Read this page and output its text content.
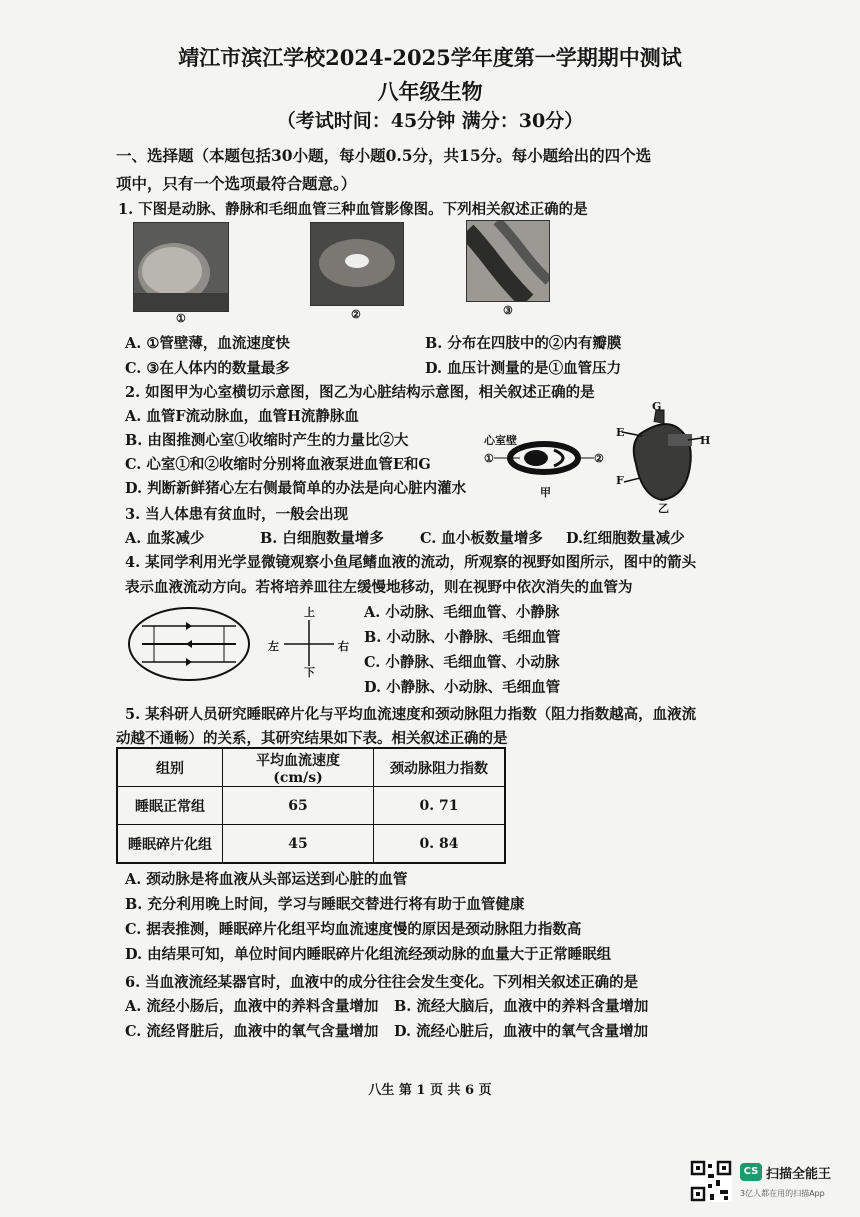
靖江市滨江学校2024-2025学年度第一学期期中测试
八年级生物
（考试时间：45分钟 满分：30分）
一、选择题（本题包括30小题，每小题0.5分，共15分。每小题给出的四个选
项中，只有一个选项最符合题意。）
1. 下图是动脉、静脉和毛细血管三种血管影像图。下列相关叙述正确的是
①	②	③
A. ①管壁薄，血流速度快	B. 分布在四肢中的②内有瓣膜
C. ③在人体内的数量最多	D. 血压计测量的是①血管压力
2. 如图甲为心室横切示意图，图乙为心脏结构示意图，相关叙述正确的是
A. 血管F流动脉血，血管H流静脉血
B. 由图推测心室①收缩时产生的力量比②大
C. 心室①和②收缩时分别将血液泵进血管E和G
D. 判断新鲜猪心左右侧最简单的办法是向心脏内灌水
心室壁
①	②
甲
G
E
H
F
乙
3. 当人体患有贫血时，一般会出现
A. 血浆减少	B. 白细胞数量增多 C. 血小板数量增多 D.红细胞数量减少
4. 某同学利用光学显微镜观察小鱼尾鳍血液的流动，所观察的视野如图所示，图中的箭头
表示血液流动方向。若将培养皿往左缓慢地移动，则在视野中依次消失的血管为
上
下
左	右
A. 小动脉、毛细血管、小静脉
B. 小动脉、小静脉、毛细血管
C. 小静脉、毛细血管、小动脉
D. 小静脉、小动脉、毛细血管
5. 某科研人员研究睡眠碎片化与平均血流速度和颈动脉阻力指数（阻力指数越高，血液流
动越不通畅）的关系，其研究结果如下表。相关叙述正确的是
组别	平均血流速度 (cm/s)	颈动脉阻力指数
睡眠正常组	65	0. 71
睡眠碎片化组	45	0. 84
A. 颈动脉是将血液从头部运送到心脏的血管
B. 充分利用晚上时间，学习与睡眠交替进行将有助于血管健康
C. 据表推测，睡眠碎片化组平均血流速度慢的原因是颈动脉阻力指数高
D. 由结果可知，单位时间内睡眠碎片化组流经颈动脉的血量大于正常睡眠组
6. 当血液流经某器官时，血液中的成分往往会发生变化。下列相关叙述正确的是
A. 流经小肠后，血液中的养料含量增加 B. 流经大脑后，血液中的养料含量增加
C. 流经肾脏后，血液中的氧气含量增加 D. 流经心脏后，血液中的氧气含量增加
八生 第 1 页 共 6 页
CS 扫描全能王
3亿人都在用的扫描App
